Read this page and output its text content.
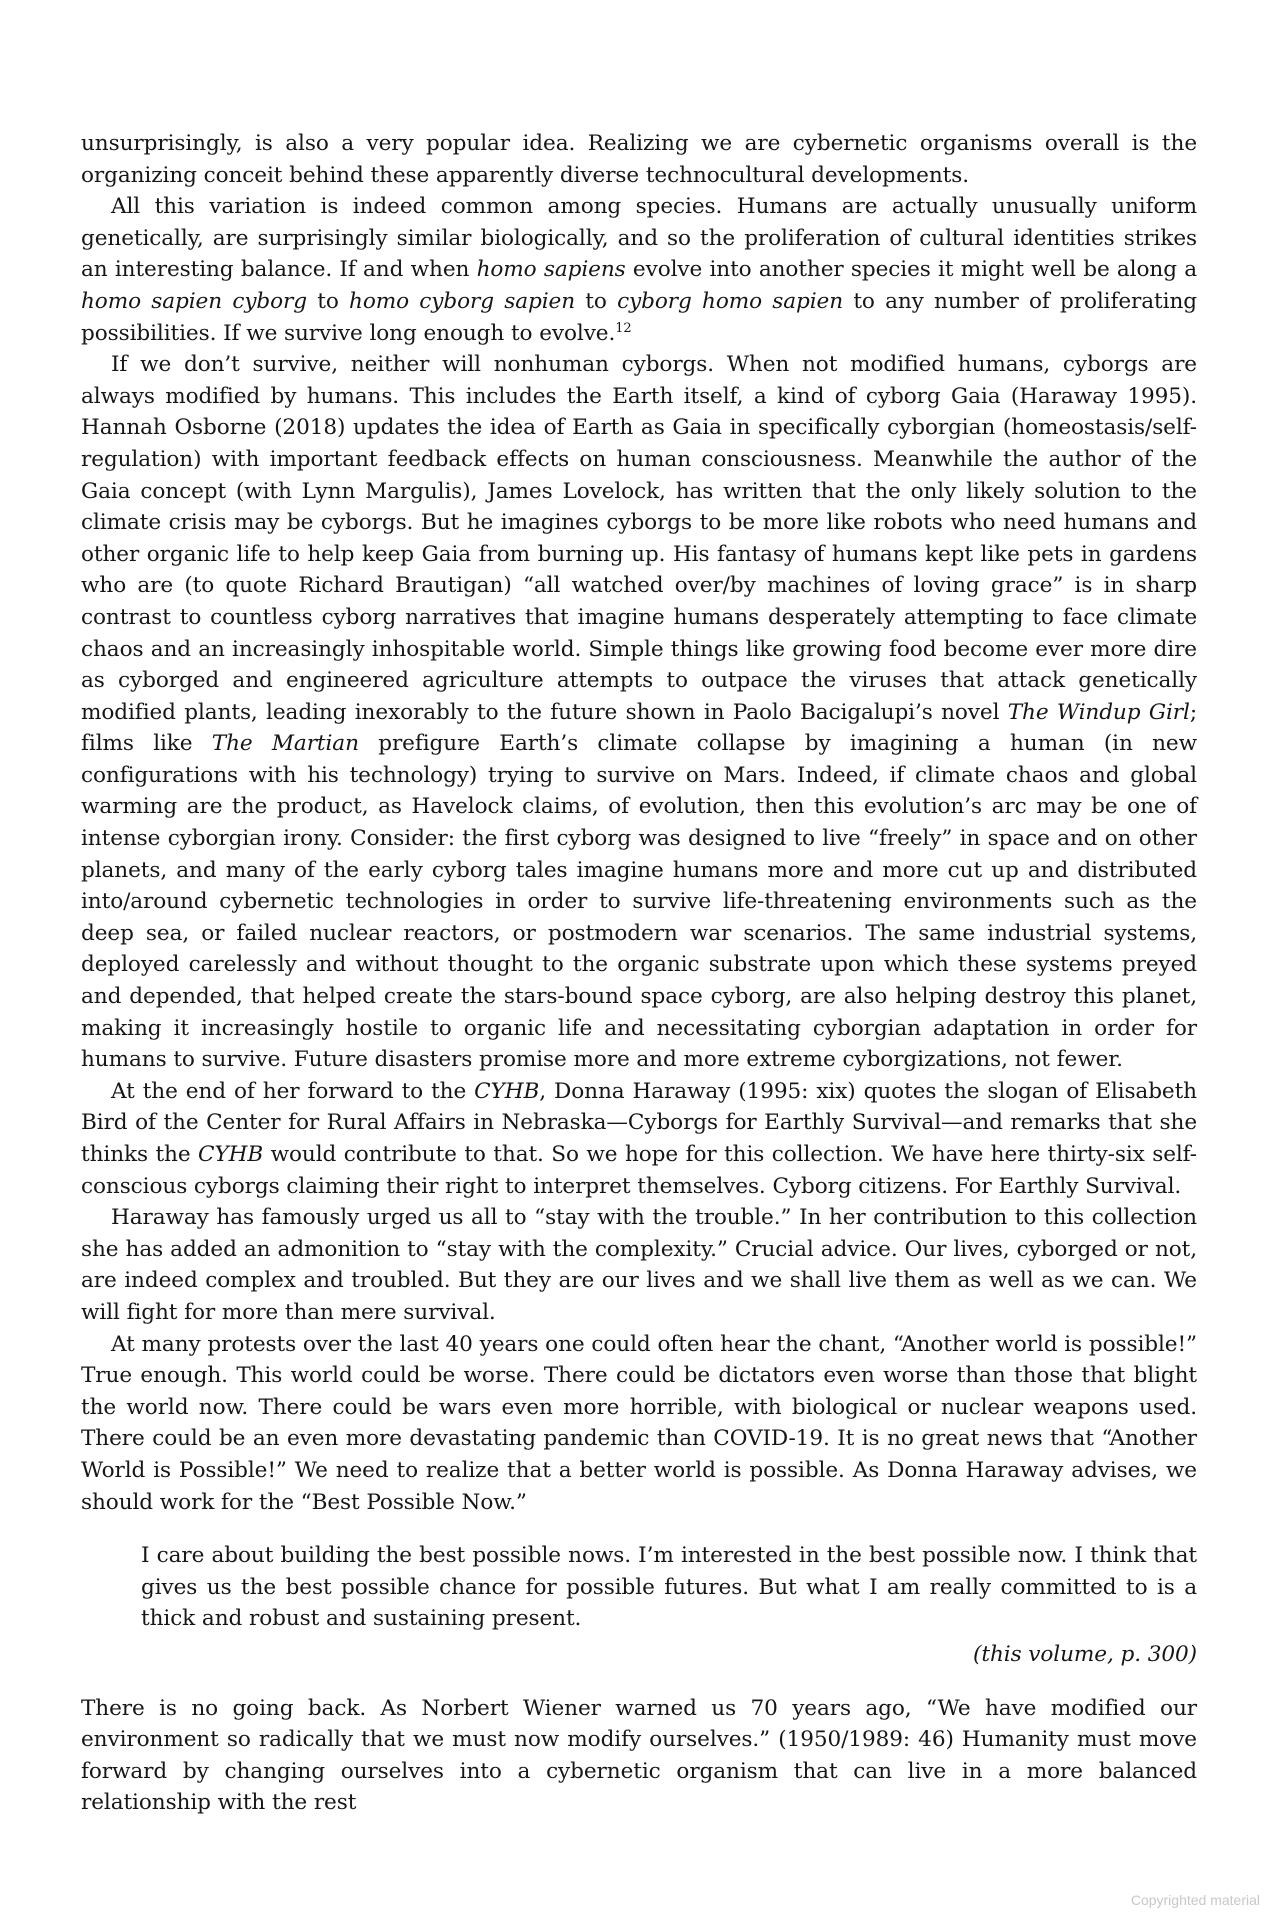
unsurprisingly, is also a very popular idea. Realizing we are cybernetic organisms overall is the organizing conceit behind these apparently diverse technocultural developments.

All this variation is indeed common among species. Humans are actually unusually uniform genetically, are surprisingly similar biologically, and so the proliferation of cultural identities strikes an interesting balance. If and when homo sapiens evolve into another species it might well be along a homo sapien cyborg to homo cyborg sapien to cyborg homo sapien to any number of proliferating possibilities. If we survive long enough to evolve.$^{12}$

If we don’t survive, neither will nonhuman cyborgs. When not modified humans, cyborgs are always modified by humans. This includes the Earth itself, a kind of cyborg Gaia (Haraway 1995). Hannah Osborne (2018) updates the idea of Earth as Gaia in specifically cyborgian (homeostasis/self-regulation) with important feedback effects on human consciousness. Meanwhile the author of the Gaia concept (with Lynn Margulis), James Lovelock, has written that the only likely solution to the climate crisis may be cyborgs. But he imagines cyborgs to be more like robots who need humans and other organic life to help keep Gaia from burning up. His fantasy of humans kept like pets in gardens who are (to quote Richard Brautigan) “all watched over/by machines of loving grace” is in sharp contrast to countless cyborg narratives that imagine humans desperately attempting to face climate chaos and an increasingly inhospitable world. Simple things like growing food become ever more dire as cyborged and engineered agriculture attempts to outpace the viruses that attack genetically modified plants, leading inexorably to the future shown in Paolo Bacigalupi’s novel The Windup Girl; films like The Martian prefigure Earth’s climate collapse by imagining a human (in new configurations with his technology) trying to survive on Mars. Indeed, if climate chaos and global warming are the product, as Havelock claims, of evolution, then this evolution’s arc may be one of intense cyborgian irony. Consider: the first cyborg was designed to live “freely” in space and on other planets, and many of the early cyborg tales imagine humans more and more cut up and distributed into/around cybernetic technologies in order to survive life-threatening environments such as the deep sea, or failed nuclear reactors, or postmodern war scenarios. The same industrial systems, deployed carelessly and without thought to the organic substrate upon which these systems preyed and depended, that helped create the stars-bound space cyborg, are also helping destroy this planet, making it increasingly hostile to organic life and necessitating cyborgian adaptation in order for humans to survive. Future disasters promise more and more extreme cyborgizations, not fewer.

At the end of her forward to the CYHB, Donna Haraway (1995: xix) quotes the slogan of Elisabeth Bird of the Center for Rural Affairs in Nebraska—Cyborgs for Earthly Survival—and remarks that she thinks the CYHB would contribute to that. So we hope for this collection. We have here thirty-six self-conscious cyborgs claiming their right to interpret themselves. Cyborg citizens. For Earthly Survival.

Haraway has famously urged us all to “stay with the trouble.” In her contribution to this collection she has added an admonition to “stay with the complexity.” Crucial advice. Our lives, cyborged or not, are indeed complex and troubled. But they are our lives and we shall live them as well as we can. We will fight for more than mere survival.

At many protests over the last 40 years one could often hear the chant, “Another world is possible!” True enough. This world could be worse. There could be dictators even worse than those that blight the world now. There could be wars even more horrible, with biological or nuclear weapons used. There could be an even more devastating pandemic than COVID-19. It is no great news that “Another World is Possible!” We need to realize that a better world is possible. As Donna Haraway advises, we should work for the “Best Possible Now.”

I care about building the best possible nows. I’m interested in the best possible now. I think that gives us the best possible chance for possible futures. But what I am really committed to is a thick and robust and sustaining present.

(this volume, p. 300)

There is no going back. As Norbert Wiener warned us 70 years ago, “We have modified our environment so radically that we must now modify ourselves.” (1950/1989: 46) Humanity must move forward by changing ourselves into a cybernetic organism that can live in a more balanced relationship with the rest

Copyrighted material
